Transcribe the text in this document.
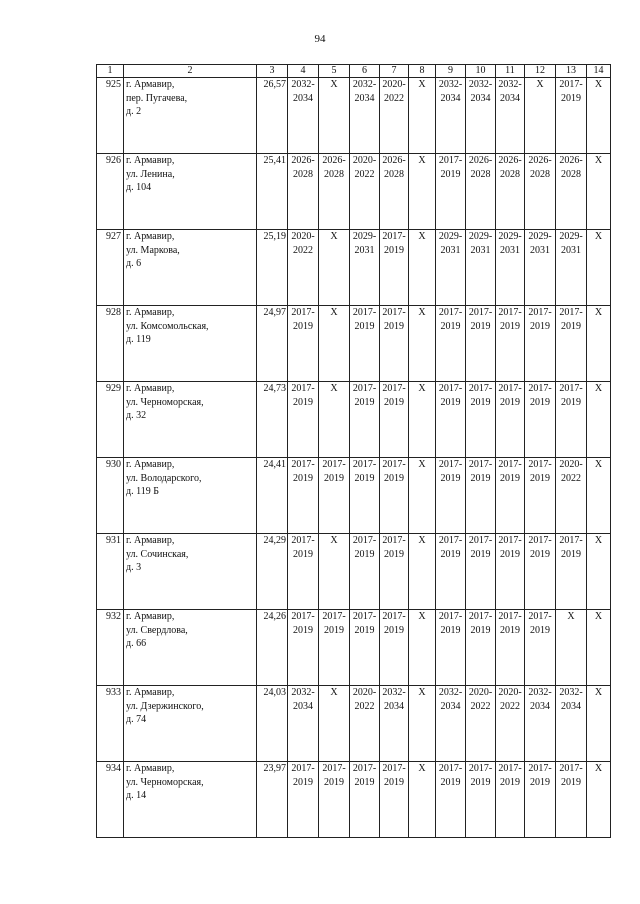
94
1	2	3	4	5	6	7	8	9	10	11	12	13	14
925	г. Армавир,
пер. Пугачева,
д. 2	26,57	2032-
2034	X	2032-
2034	2020-
2022	X	2032-
2034	2032-
2034	2032-
2034	X	2017-
2019	X
926	г. Армавир,
ул. Ленина,
д. 104	25,41	2026-
2028	2026-
2028	2020-
2022	2026-
2028	X	2017-
2019	2026-
2028	2026-
2028	2026-
2028	2026-
2028	X
927	г. Армавир,
ул. Маркова,
д. 6	25,19	2020-
2022	X	2029-
2031	2017-
2019	X	2029-
2031	2029-
2031	2029-
2031	2029-
2031	2029-
2031	X
928	г. Армавир,
ул. Комсомольская,
д. 119	24,97	2017-
2019	X	2017-
2019	2017-
2019	X	2017-
2019	2017-
2019	2017-
2019	2017-
2019	2017-
2019	X
929	г. Армавир,
ул. Черноморская,
д. 32	24,73	2017-
2019	X	2017-
2019	2017-
2019	X	2017-
2019	2017-
2019	2017-
2019	2017-
2019	2017-
2019	X
930	г. Армавир,
ул. Володарского,
д. 119 Б	24,41	2017-
2019	2017-
2019	2017-
2019	2017-
2019	X	2017-
2019	2017-
2019	2017-
2019	2017-
2019	2020-
2022	X
931	г. Армавир,
ул. Сочинская,
д. 3	24,29	2017-
2019	X	2017-
2019	2017-
2019	X	2017-
2019	2017-
2019	2017-
2019	2017-
2019	2017-
2019	X
932	г. Армавир,
ул. Свердлова,
д. 66	24,26	2017-
2019	2017-
2019	2017-
2019	2017-
2019	X	2017-
2019	2017-
2019	2017-
2019	2017-
2019	X	X
933	г. Армавир,
ул. Дзержинского,
д. 74	24,03	2032-
2034	X	2020-
2022	2032-
2034	X	2032-
2034	2020-
2022	2020-
2022	2032-
2034	2032-
2034	X
934	г. Армавир,
ул. Черноморская,
д. 14	23,97	2017-
2019	2017-
2019	2017-
2019	2017-
2019	X	2017-
2019	2017-
2019	2017-
2019	2017-
2019	2017-
2019	X
